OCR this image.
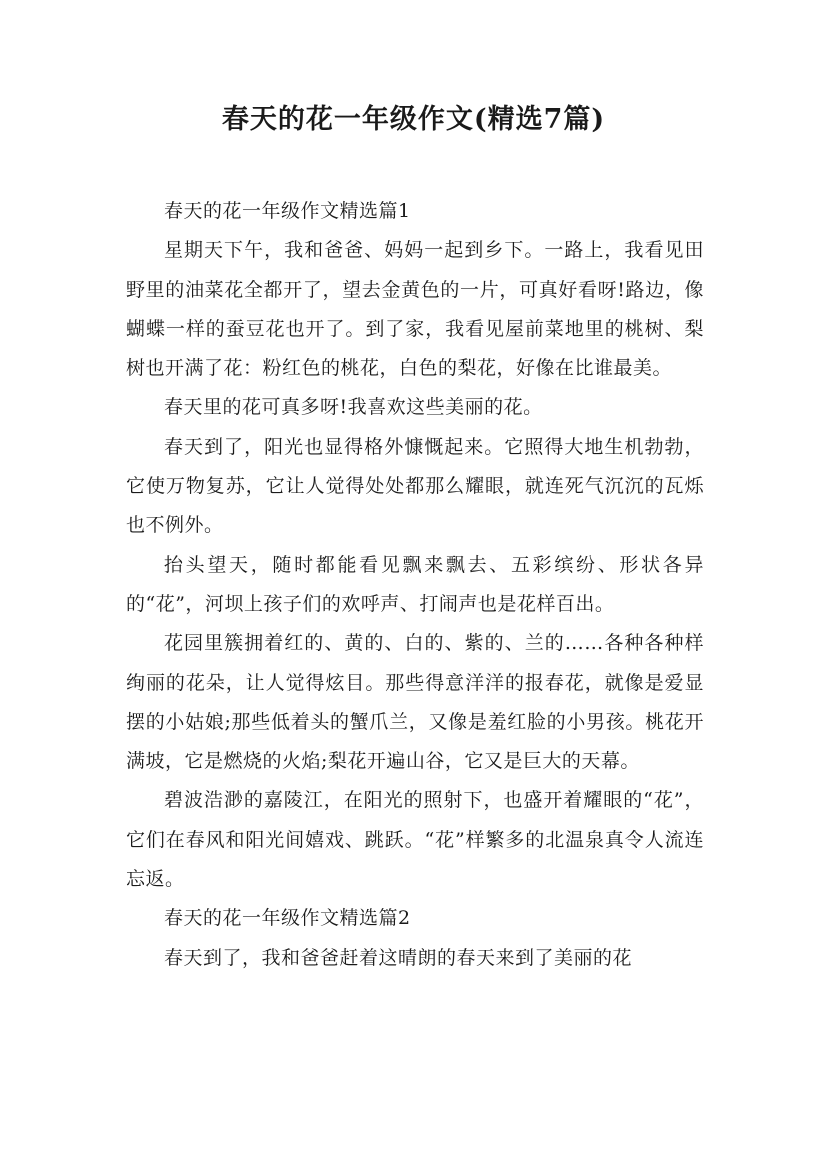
春天的花一年级作文(精选7篇)

春天的花一年级作文精选篇1

星期天下午，我和爸爸、妈妈一起到乡下。一路上，我看见田野里的油菜花全都开了，望去金黄色的一片，可真好看呀!路边，像蝴蝶一样的蚕豆花也开了。到了家，我看见屋前菜地里的桃树、梨树也开满了花：粉红色的桃花，白色的梨花，好像在比谁最美。

春天里的花可真多呀!我喜欢这些美丽的花。

春天到了，阳光也显得格外慷慨起来。它照得大地生机勃勃，它使万物复苏，它让人觉得处处都那么耀眼，就连死气沉沉的瓦烁也不例外。

抬头望天，随时都能看见飘来飘去、五彩缤纷、形状各异的“花”，河坝上孩子们的欢呼声、打闹声也是花样百出。

花园里簇拥着红的、黄的、白的、紫的、兰的……各种各种样绚丽的花朵，让人觉得炫目。那些得意洋洋的报春花，就像是爱显摆的小姑娘;那些低着头的蟹爪兰，又像是羞红脸的小男孩。桃花开满坡，它是燃烧的火焰;梨花开遍山谷，它又是巨大的天幕。

碧波浩渺的嘉陵江，在阳光的照射下，也盛开着耀眼的“花”，它们在春风和阳光间嬉戏、跳跃。“花”样繁多的北温泉真令人流连忘返。

春天的花一年级作文精选篇2

春天到了，我和爸爸赶着这晴朗的春天来到了美丽的花
